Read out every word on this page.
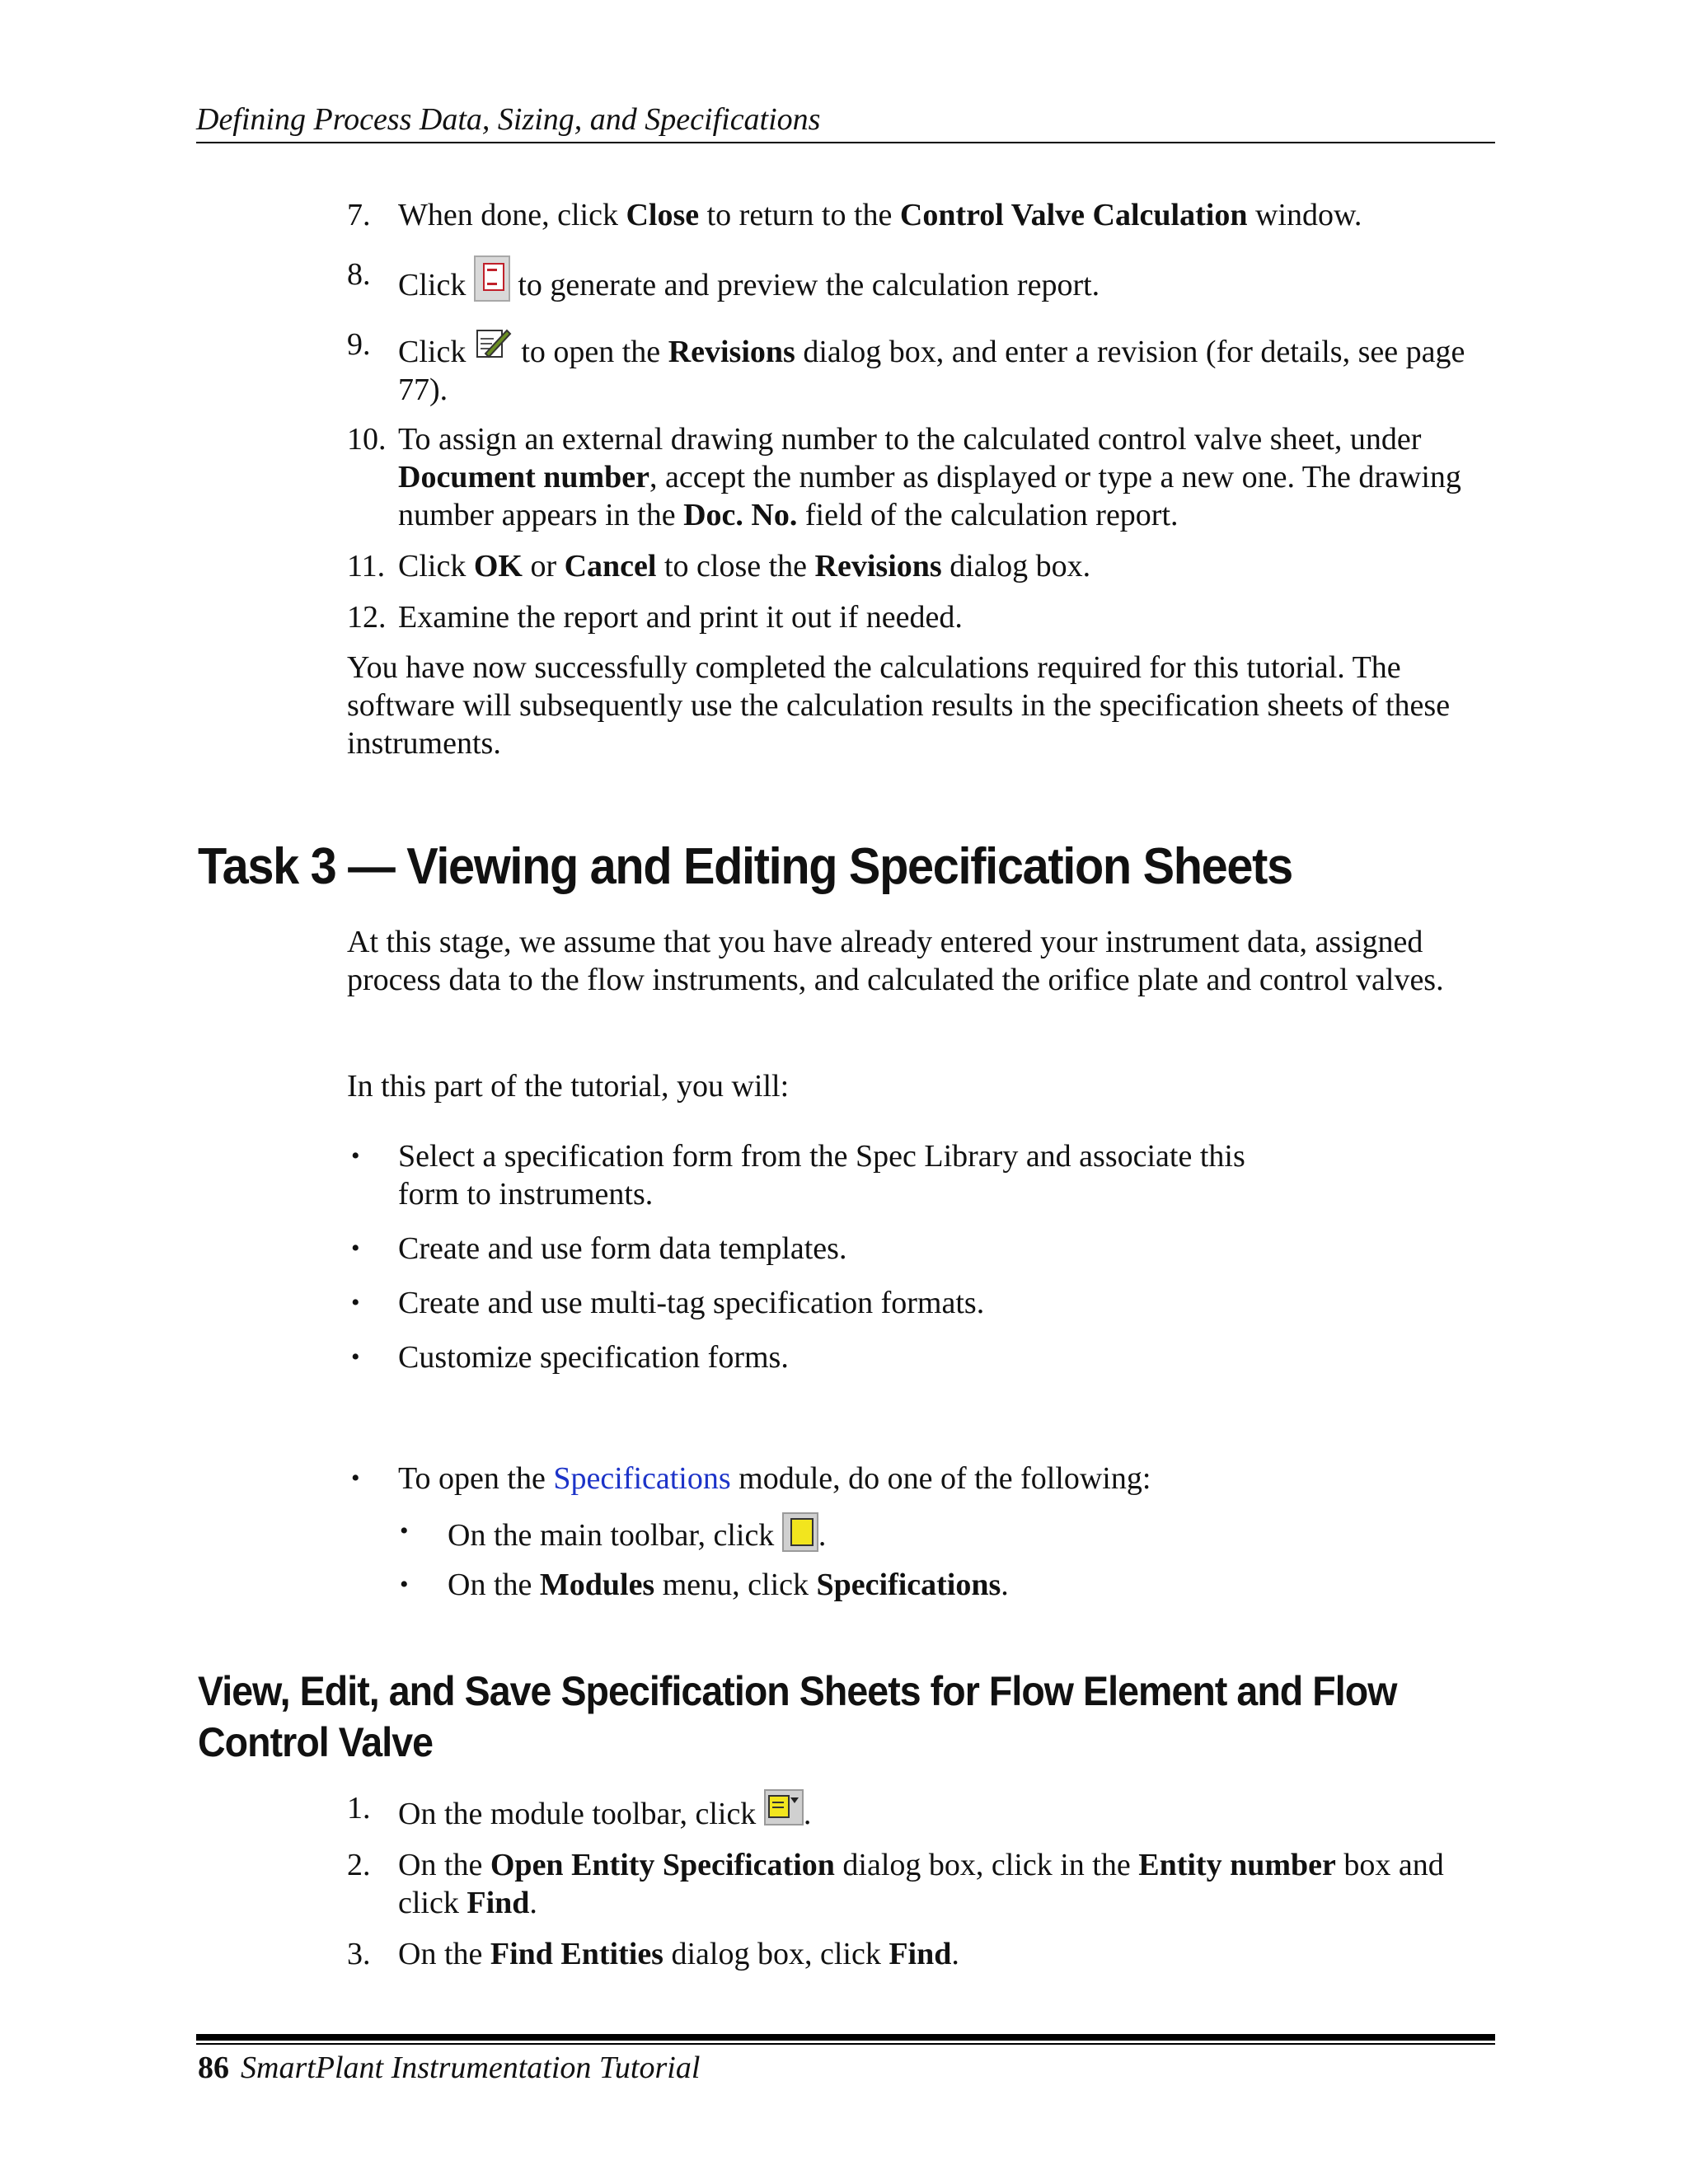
Defining Process Data, Sizing, and Specifications
7. When done, click Close to return to the Control Valve Calculation window.
8. Click  to generate and preview the calculation report.
9. Click  to open the Revisions dialog box, and enter a revision (for details, see page 77).
10. To assign an external drawing number to the calculated control valve sheet, under Document number, accept the number as displayed or type a new one. The drawing number appears in the Doc. No. field of the calculation report.
11. Click OK or Cancel to close the Revisions dialog box.
12. Examine the report and print it out if needed.
You have now successfully completed the calculations required for this tutorial. The software will subsequently use the calculation results in the specification sheets of these instruments.
Task 3 — Viewing and Editing Specification Sheets
At this stage, we assume that you have already entered your instrument data, assigned process data to the flow instruments, and calculated the orifice plate and control valves.
In this part of the tutorial, you will:
• Select a specification form from the Spec Library and associate this form to instruments.
• Create and use form data templates.
• Create and use multi-tag specification formats.
• Customize specification forms.
• To open the Specifications module, do one of the following:
• On the main toolbar, click .
• On the Modules menu, click Specifications.
View, Edit, and Save Specification Sheets for Flow Element and Flow Control Valve
1. On the module toolbar, click .
2. On the Open Entity Specification dialog box, click in the Entity number box and click Find.
3. On the Find Entities dialog box, click Find.
86 SmartPlant Instrumentation Tutorial
